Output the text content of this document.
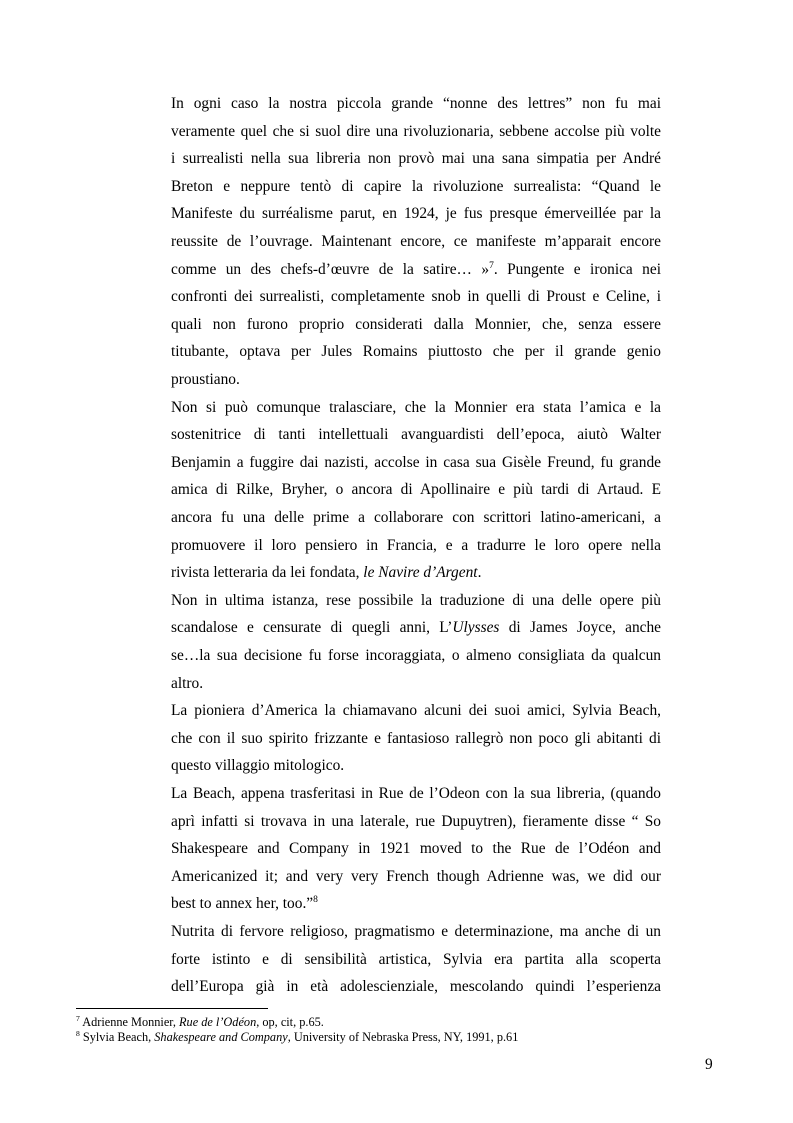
In ogni caso la nostra piccola grande “nonne des lettres” non fu mai
veramente quel che si suol dire una rivoluzionaria, sebbene accolse più volte
i surrealisti nella sua libreria non provò mai una sana simpatia per André
Breton e neppure tentò di capire la rivoluzione surrealista: “Quand le
Manifeste du surréalisme parut, en 1924, je fus presque émerveillée par la
reussite de l’ouvrage. Maintenant encore, ce manifeste m’apparait encore
comme un des chefs-d’œuvre de la satire… »$^7$. Pungente e ironica nei
confronti dei surrealisti, completamente snob in quelli di Proust e Celine, i
quali non furono proprio considerati dalla Monnier, che, senza essere
titubante, optava per Jules Romains piuttosto che per il grande genio
proustiano.
Non si può comunque tralasciare, che la Monnier era stata l’amica e la
sostenitrice di tanti intellettuali avanguardisti dell’epoca, aiutò Walter
Benjamin a fuggire dai nazisti, accolse in casa sua Gisèle Freund, fu grande
amica di Rilke, Bryher, o ancora di Apollinaire e più tardi di Artaud. E
ancora fu una delle prime a collaborare con scrittori latino-americani, a
promuovere il loro pensiero in Francia, e a tradurre le loro opere nella
rivista letteraria da lei fondata, le Navire d’Argent.
Non in ultima istanza, rese possibile la traduzione di una delle opere più
scandalose e censurate di quegli anni, L’Ulysses di James Joyce, anche
se…la sua decisione fu forse incoraggiata, o almeno consigliata da qualcun
altro.
La pioniera d’America la chiamavano alcuni dei suoi amici, Sylvia Beach,
che con il suo spirito frizzante e fantasioso rallegrò non poco gli abitanti di
questo villaggio mitologico.
La Beach, appena trasferitasi in Rue de l’Odeon con la sua libreria, (quando
aprì infatti si trovava in una laterale, rue Dupuytren), fieramente disse “ So
Shakespeare and Company in 1921 moved to the Rue de l’Odéon and
Americanized it; and very very French though Adrienne was, we did our
best to annex her, too.”$^8$
Nutrita di fervore religioso, pragmatismo e determinazione, ma anche di un
forte istinto e di sensibilità artistica, Sylvia era partita alla scoperta
dell’Europa già in età adolescienziale, mescolando quindi l’esperienza
$^7$ Adrienne Monnier, Rue de l’Odéon, op, cit, p.65.
$^8$ Sylvia Beach, Shakespeare and Company, University of Nebraska Press, NY, 1991, p.61
9
